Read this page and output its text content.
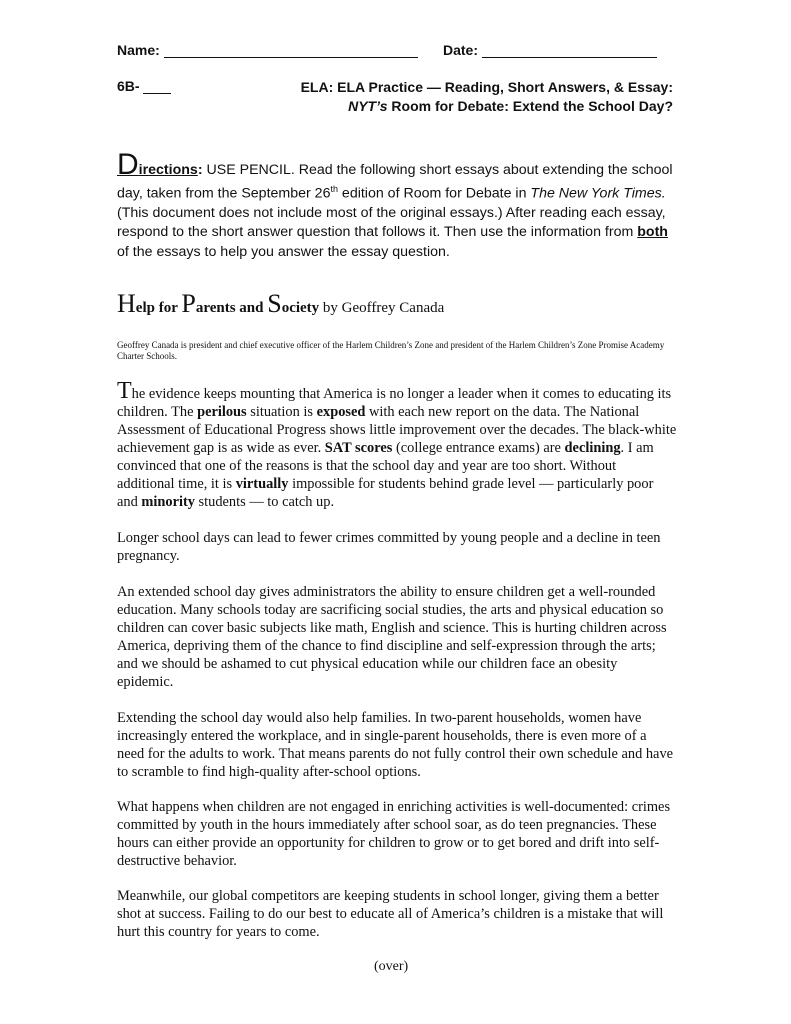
Name:	Date:
6B-	ELA: ELA Practice — Reading, Short Answers, & Essay:
NYT’s Room for Debate: Extend the School Day?
Directions: USE PENCIL. Read the following short essays about extending the school day, taken from the September 26th edition of Room for Debate in The New York Times. (This document does not include most of the original essays.) After reading each essay, respond to the short answer question that follows it. Then use the information from both of the essays to help you answer the essay question.
Help for Parents and Society by Geoffrey Canada
Geoffrey Canada is president and chief executive officer of the Harlem Children’s Zone and president of the Harlem Children’s Zone Promise Academy Charter Schools.

The evidence keeps mounting that America is no longer a leader when it comes to educating its children. The perilous situation is exposed with each new report on the data. The National Assessment of Educational Progress shows little improvement over the decades. The black-white achievement gap is as wide as ever. SAT scores (college entrance exams) are declining. I am convinced that one of the reasons is that the school day and year are too short. Without additional time, it is virtually impossible for students behind grade level — particularly poor and minority students — to catch up.

Longer school days can lead to fewer crimes committed by young people and a decline in teen pregnancy.

An extended school day gives administrators the ability to ensure children get a well-rounded education. Many schools today are sacrificing social studies, the arts and physical education so children can cover basic subjects like math, English and science. This is hurting children across America, depriving them of the chance to find discipline and self-expression through the arts; and we should be ashamed to cut physical education while our children face an obesity epidemic.

Extending the school day would also help families. In two-parent households, women have increasingly entered the workplace, and in single-parent households, there is even more of a need for the adults to work. That means parents do not fully control their own schedule and have to scramble to find high-quality after-school options.

What happens when children are not engaged in enriching activities is well-documented: crimes committed by youth in the hours immediately after school soar, as do teen pregnancies. These hours can either provide an opportunity for children to grow or to get bored and drift into self-destructive behavior.

Meanwhile, our global competitors are keeping students in school longer, giving them a better shot at success. Failing to do our best to educate all of America’s children is a mistake that will hurt this country for years to come.

(over)
